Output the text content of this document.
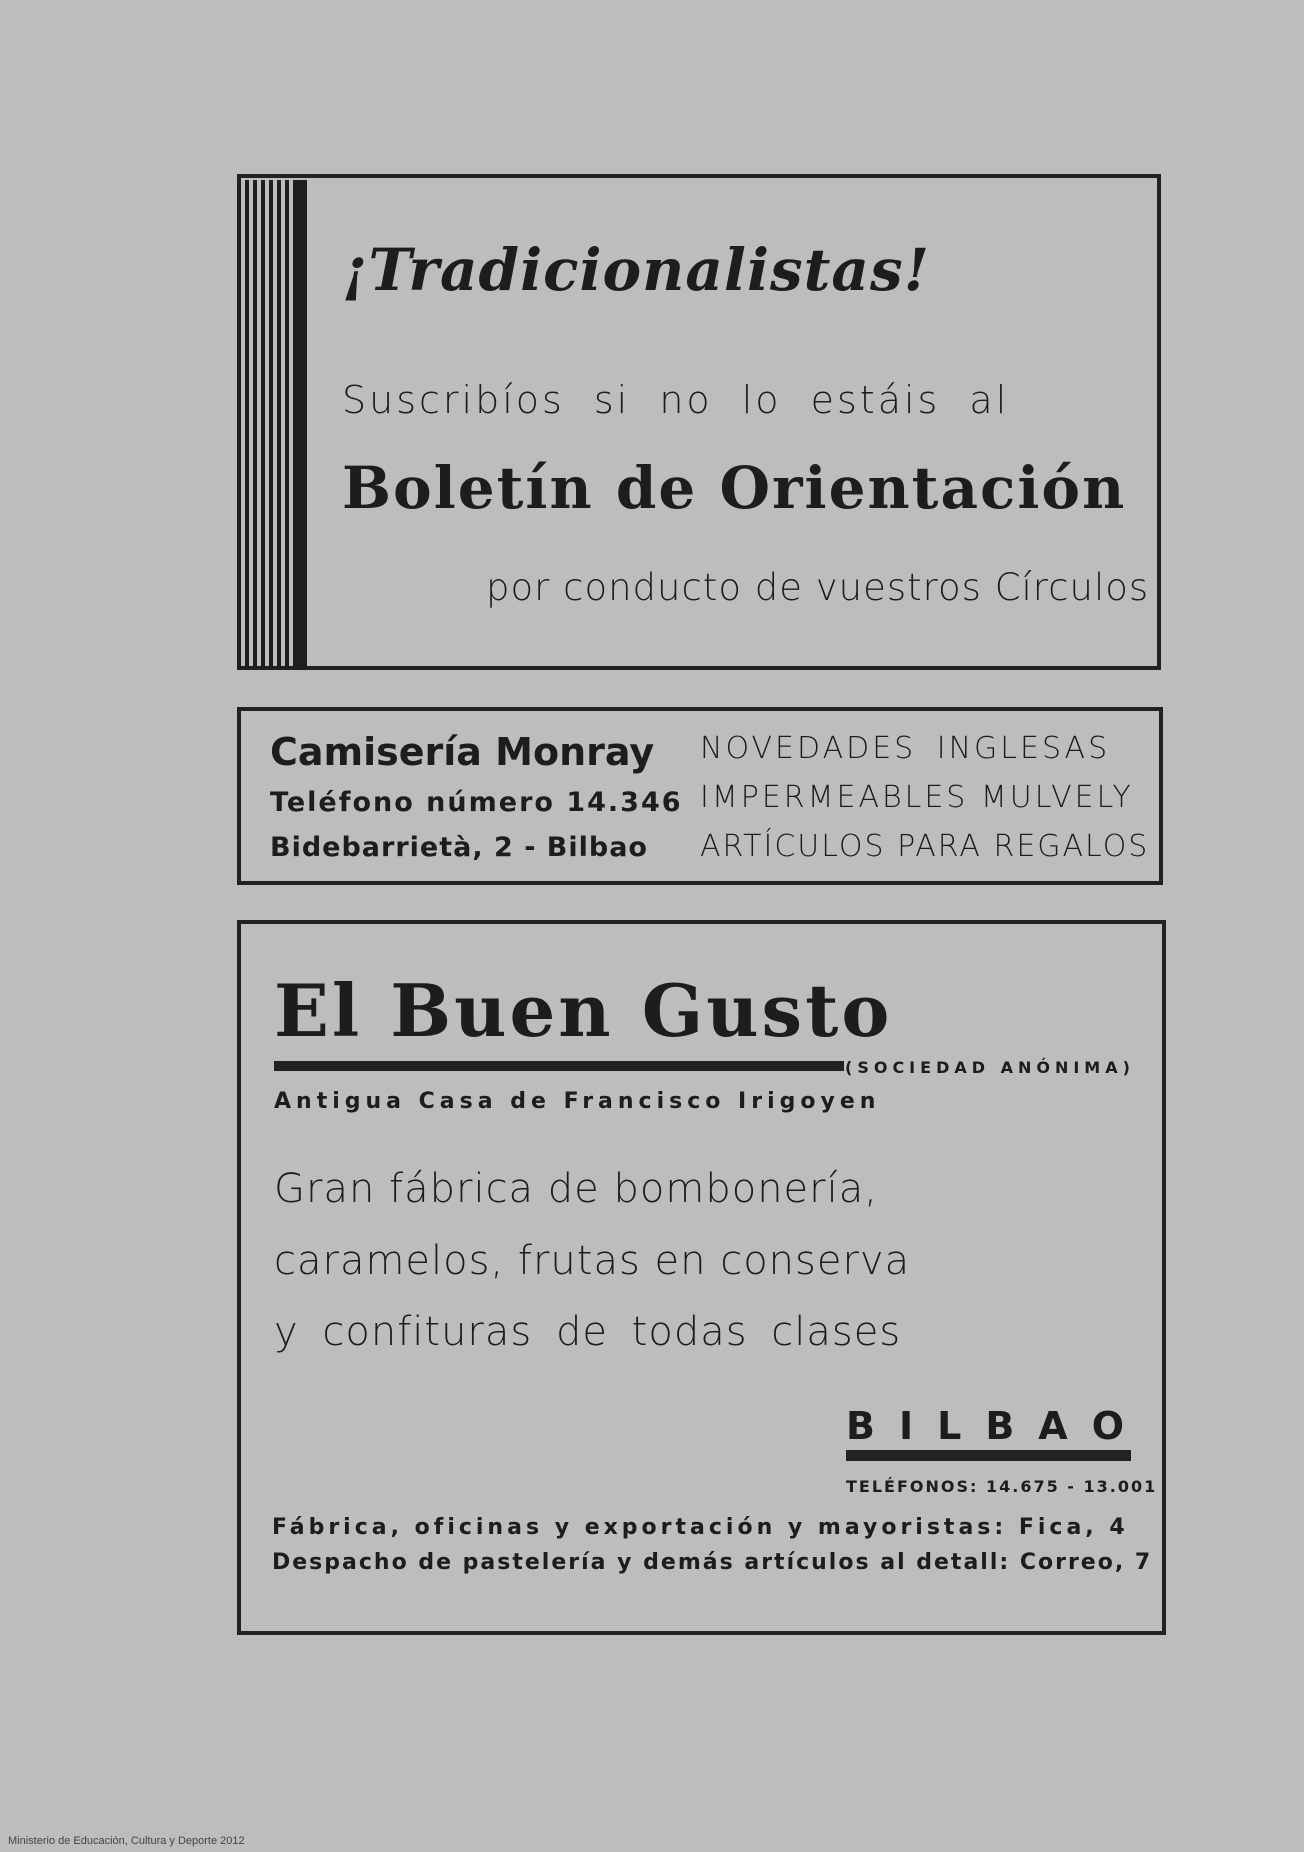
¡Tradicionalistas!
Suscribíos si no lo estáis al
Boletín de Orientación
por conducto de vuestros Círculos
Camisería Monray
Teléfono número 14.346
Bidebarrietà, 2 - Bilbao
NOVEDADES INGLESAS
IMPERMEABLES MULVELY
ARTÍCULOS PARA REGALOS
El Buen Gusto
(SOCIEDAD ANÓNIMA)
Antigua Casa de Francisco Irigoyen
Gran fábrica de bombonería,
caramelos, frutas en conserva
y confituras de todas clases
BILBAO
TELÉFONOS: 14.675 - 13.001
Fábrica, oficinas y exportación y mayoristas: Fica, 4
Despacho de pastelería y demás artículos al detall: Correo, 7
Ministerio de Educación, Cultura y Deporte 2012
